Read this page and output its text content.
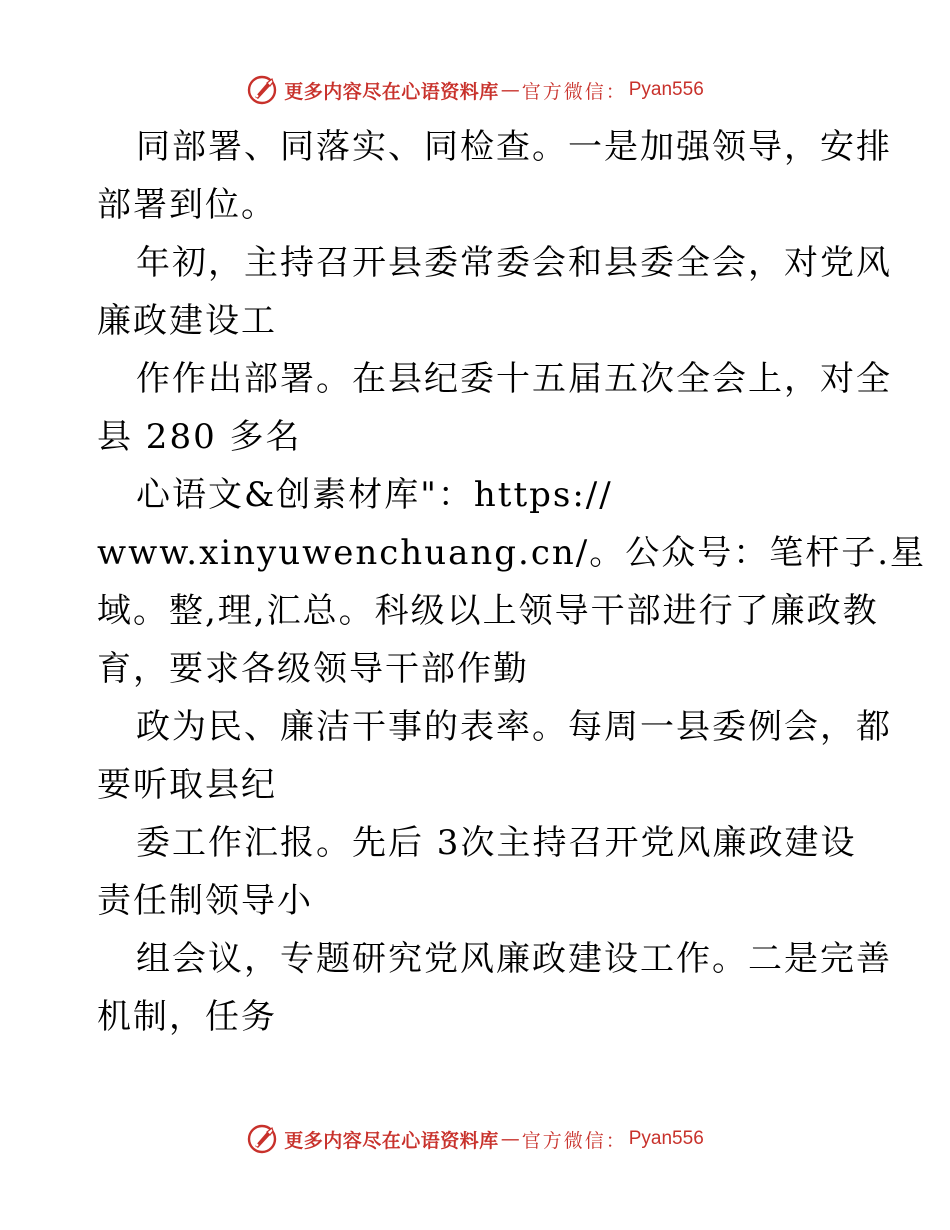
更多内容尽在心语资料库 — 官方微信： Pyan556
同部署、同落实、同检查。一是加强领导，安排
部署到位。
年初，主持召开县委常委会和县委全会，对党风
廉政建设工
作作出部署。在县纪委十五届五次全会上，对全
县 280 多名
心语文&创素材库"：https://
www.xinyuwenchuang.cn/。公众号：笔杆子.星
域。整,理,汇总。科级以上领导干部进行了廉政教
育，要求各级领导干部作勤
政为民、廉洁干事的表率。每周一县委例会，都
要听取县纪
委工作汇报。先后 3次主持召开党风廉政建设
责任制领导小
组会议，专题研究党风廉政建设工作。二是完善
机制，任务
更多内容尽在心语资料库 — 官方微信： Pyan556
